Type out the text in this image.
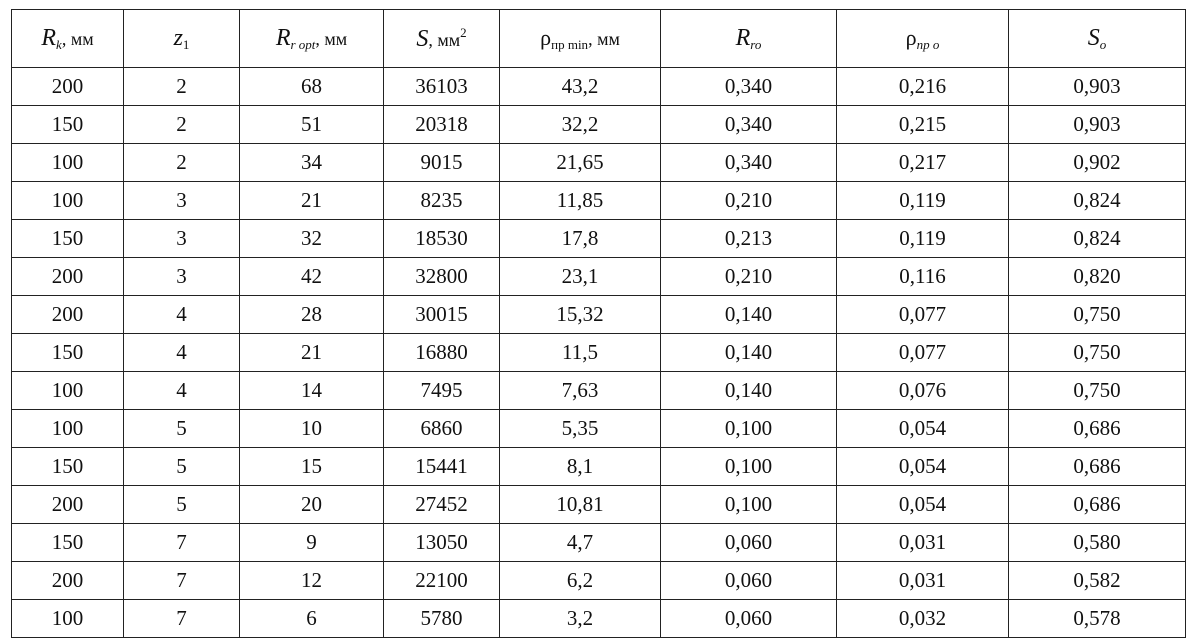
Rk, мм	z1	Rr opt, мм	S, $мм^2$	ρпр min, мм	Rro	ρпр o	So
200	2	68	36103	43,2	0,340	0,216	0,903
150	2	51	20318	32,2	0,340	0,215	0,903
100	2	34	9015	21,65	0,340	0,217	0,902
100	3	21	8235	11,85	0,210	0,119	0,824
150	3	32	18530	17,8	0,213	0,119	0,824
200	3	42	32800	23,1	0,210	0,116	0,820
200	4	28	30015	15,32	0,140	0,077	0,750
150	4	21	16880	11,5	0,140	0,077	0,750
100	4	14	7495	7,63	0,140	0,076	0,750
100	5	10	6860	5,35	0,100	0,054	0,686
150	5	15	15441	8,1	0,100	0,054	0,686
200	5	20	27452	10,81	0,100	0,054	0,686
150	7	9	13050	4,7	0,060	0,031	0,580
200	7	12	22100	6,2	0,060	0,031	0,582
100	7	6	5780	3,2	0,060	0,032	0,578
